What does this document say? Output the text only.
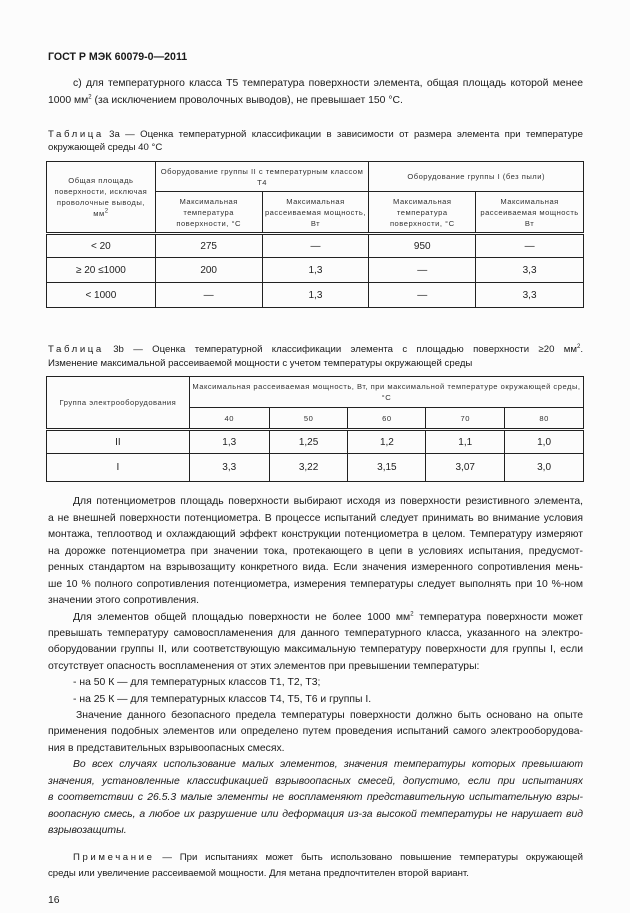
ГОСТ Р МЭК 60079-0—2011
c) для температурного класса Т5 температура поверхности элемента, общая площадь которой менее
1000 $мм^2$ (за исключением проволочных выводов), не превышает 150 °С.
Таблица 3a — Оценка температурной классификации в зависимости от размера элемента при температуре
окружающей среды 40 °С
Общая площадь поверхности, исключая проволочные выводы, $мм^2$	Оборудование группы II с температурным классом Т4		Оборудование группы I (без пыли)	
	Максимальная температура поверхности, °С	Максимальная рассеиваемая мощность, Вт	Максимальная температура поверхности, °С	Максимальная рассеиваемая мощность Вт
< 20	275	—	950	—
≥ 20 ≤1000	200	1,3	—	3,3
< 1000	—	1,3	—	3,3
Таблица 3b — Оценка температурной классификации элемента с площадью поверхности ≥20 $мм^2$.
Изменение максимальной рассеиваемой мощности с учетом температуры окружающей среды
Группа электрооборудования	Максимальная рассеиваемая мощность, Вт, при максимальной температуре окружающей среды, °С				
	40	50	60	70	80
II	1,3	1,25	1,2	1,1	1,0
I	3,3	3,22	3,15	3,07	3,0
Для потенциометров площадь поверхности выбирают исходя из поверхности резистивного элемента,
а не внешней поверхности потенциометра. В процессе испытаний следует принимать во внимание условия
монтажа, теплоотвод и охлаждающий эффект конструкции потенциометра в целом. Температуру измеряют
на дорожке потенциометра при значении тока, протекающего в цепи в условиях испытания, предусмот-
ренных стандартом на взрывозащиту конкретного вида. Если значения измеренного сопротивления мень-
ше 10 % полного сопротивления потенциометра, измерения температуры следует выполнять при 10 %-ном
значении этого сопротивления.
Для элементов общей площадью поверхности не более 1000 $мм^2$ температура поверхности может
превышать температуру самовоспламенения для данного температурного класса, указанного на электро-
оборудовании группы II, или соответствующую максимальную температуру поверхности для группы I, если
отсутствует опасность воспламенения от этих элементов при превышении температуры:
- на 50 К — для температурных классов Т1, Т2, Т3;
- на 25 К — для температурных классов Т4, Т5, Т6 и группы I.
Значение данного безопасного предела температуры поверхности должно быть основано на опыте
применения подобных элементов или определено путем проведения испытаний самого электрооборудова-
ния в представительных взрывоопасных смесях.
Во всех случаях использование малых элементов, значения температуры которых превышают
значения, установленные классификацией взрывоопасных смесей, допустимо, если при испытаниях
в соответствии с 26.5.3 малые элементы не воспламеняют представительную испытательную взры-
воопасную смесь, а любое их разрушение или деформация из-за высокой температуры не нарушает вид
взрывозащиты.
Примечание — При испытаниях может быть использовано повышение температуры окружающей
среды или увеличение рассеиваемой мощности. Для метана предпочтителен второй вариант.
16
